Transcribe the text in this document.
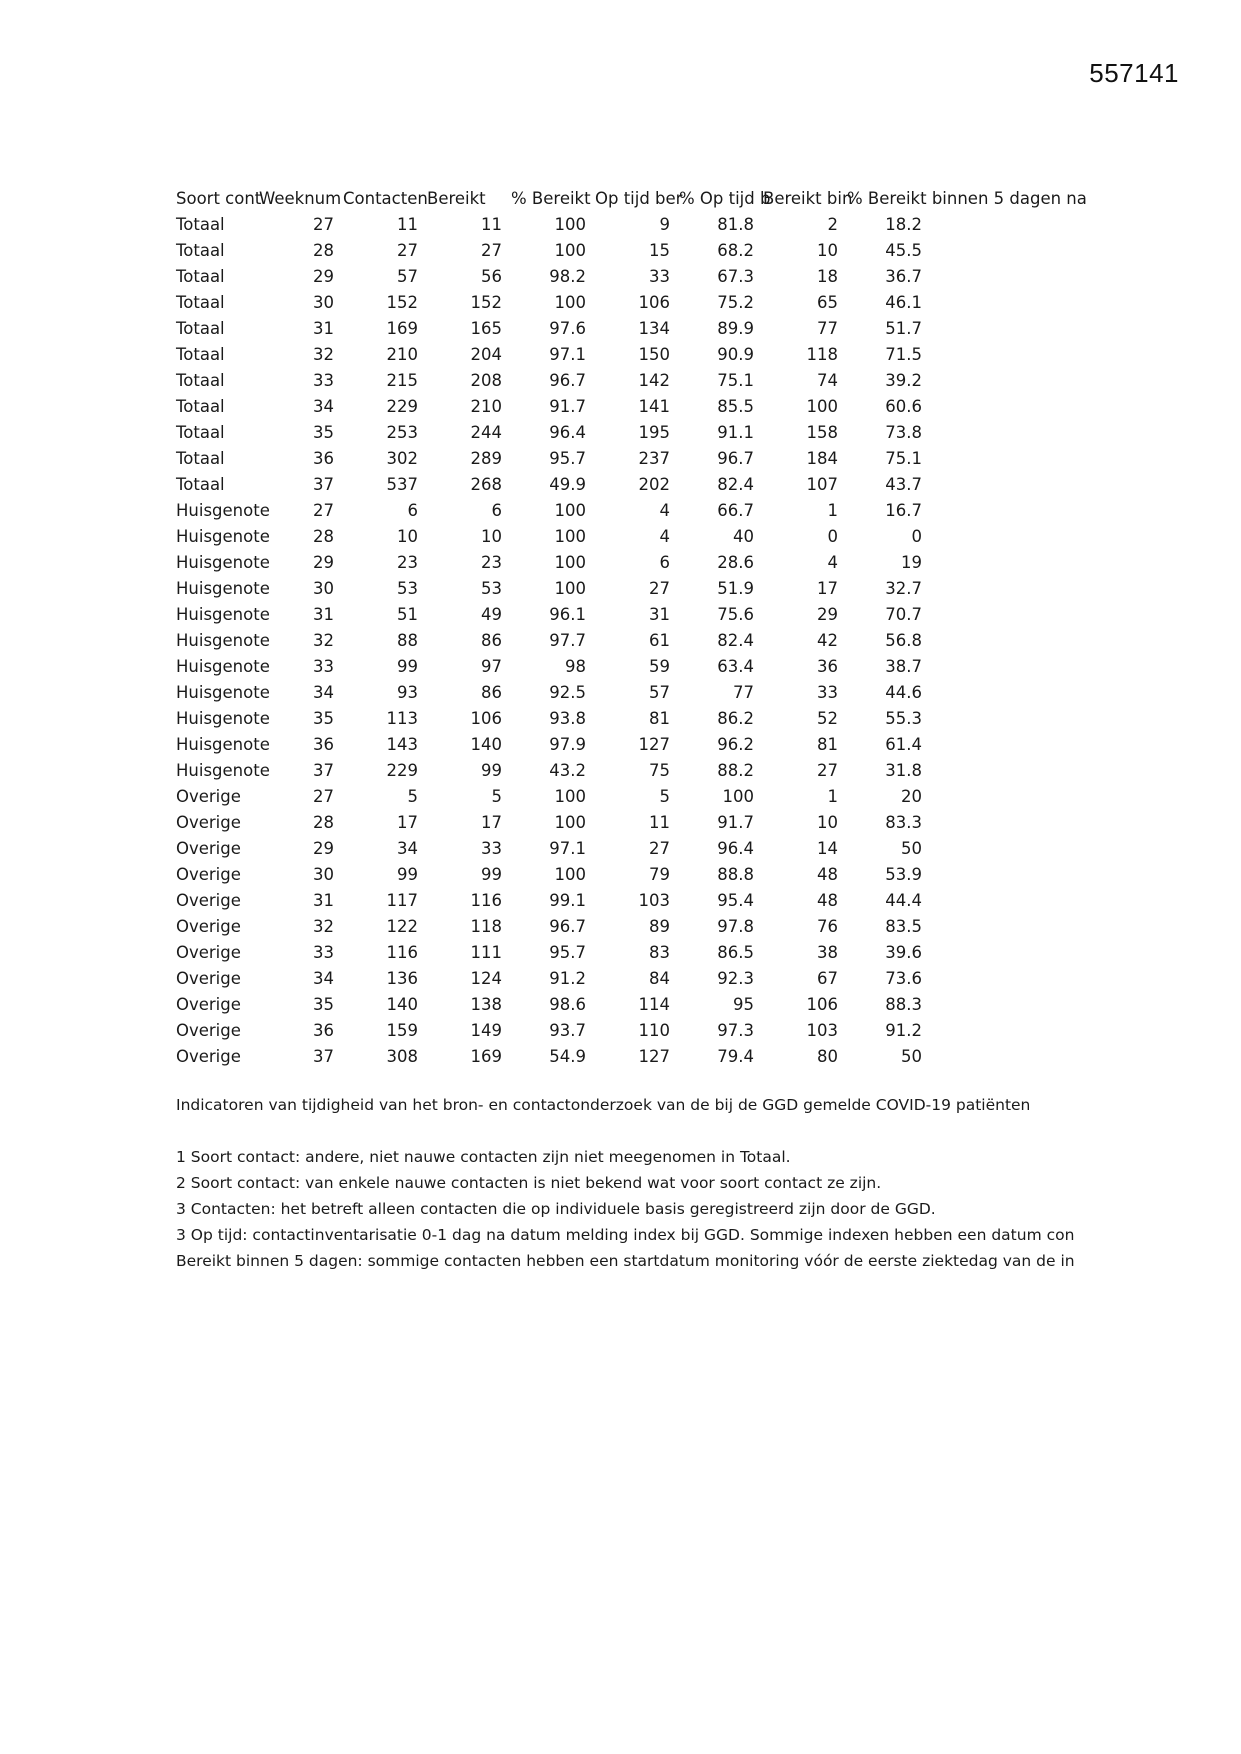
557141
Soort cont	Weeknum	Contacten	Bereikt	% Bereikt	Op tijd ber	% Op tijd b	Bereikt bin	% Bereikt binnen 5 dagen na	
Totaal	27	11	11	100	9	81.8	2	18.2	
Totaal	28	27	27	100	15	68.2	10	45.5	
Totaal	29	57	56	98.2	33	67.3	18	36.7	
Totaal	30	152	152	100	106	75.2	65	46.1	
Totaal	31	169	165	97.6	134	89.9	77	51.7	
Totaal	32	210	204	97.1	150	90.9	118	71.5	
Totaal	33	215	208	96.7	142	75.1	74	39.2	
Totaal	34	229	210	91.7	141	85.5	100	60.6	
Totaal	35	253	244	96.4	195	91.1	158	73.8	
Totaal	36	302	289	95.7	237	96.7	184	75.1	
Totaal	37	537	268	49.9	202	82.4	107	43.7	
Huisgenote	27	6	6	100	4	66.7	1	16.7	
Huisgenote	28	10	10	100	4	40	0	0	
Huisgenote	29	23	23	100	6	28.6	4	19	
Huisgenote	30	53	53	100	27	51.9	17	32.7	
Huisgenote	31	51	49	96.1	31	75.6	29	70.7	
Huisgenote	32	88	86	97.7	61	82.4	42	56.8	
Huisgenote	33	99	97	98	59	63.4	36	38.7	
Huisgenote	34	93	86	92.5	57	77	33	44.6	
Huisgenote	35	113	106	93.8	81	86.2	52	55.3	
Huisgenote	36	143	140	97.9	127	96.2	81	61.4	
Huisgenote	37	229	99	43.2	75	88.2	27	31.8	
Overige	27	5	5	100	5	100	1	20	
Overige	28	17	17	100	11	91.7	10	83.3	
Overige	29	34	33	97.1	27	96.4	14	50	
Overige	30	99	99	100	79	88.8	48	53.9	
Overige	31	117	116	99.1	103	95.4	48	44.4	
Overige	32	122	118	96.7	89	97.8	76	83.5	
Overige	33	116	111	95.7	83	86.5	38	39.6	
Overige	34	136	124	91.2	84	92.3	67	73.6	
Overige	35	140	138	98.6	114	95	106	88.3	
Overige	36	159	149	93.7	110	97.3	103	91.2	
Overige	37	308	169	54.9	127	79.4	80	50	

Indicatoren van tijdigheid van het bron- en contactonderzoek van de bij de GGD gemelde COVID-19 patiënten

1 Soort contact: andere, niet nauwe contacten zijn niet meegenomen in Totaal.

2 Soort contact: van enkele nauwe contacten is niet bekend wat voor soort contact ze zijn.

3 Contacten: het betreft alleen contacten die op individuele basis geregistreerd zijn door de GGD.

3 Op tijd: contactinventarisatie 0-1 dag na datum melding index bij GGD. Sommige indexen hebben een datum con

Bereikt binnen 5 dagen: sommige contacten hebben een startdatum monitoring vóór de eerste ziektedag van de in
